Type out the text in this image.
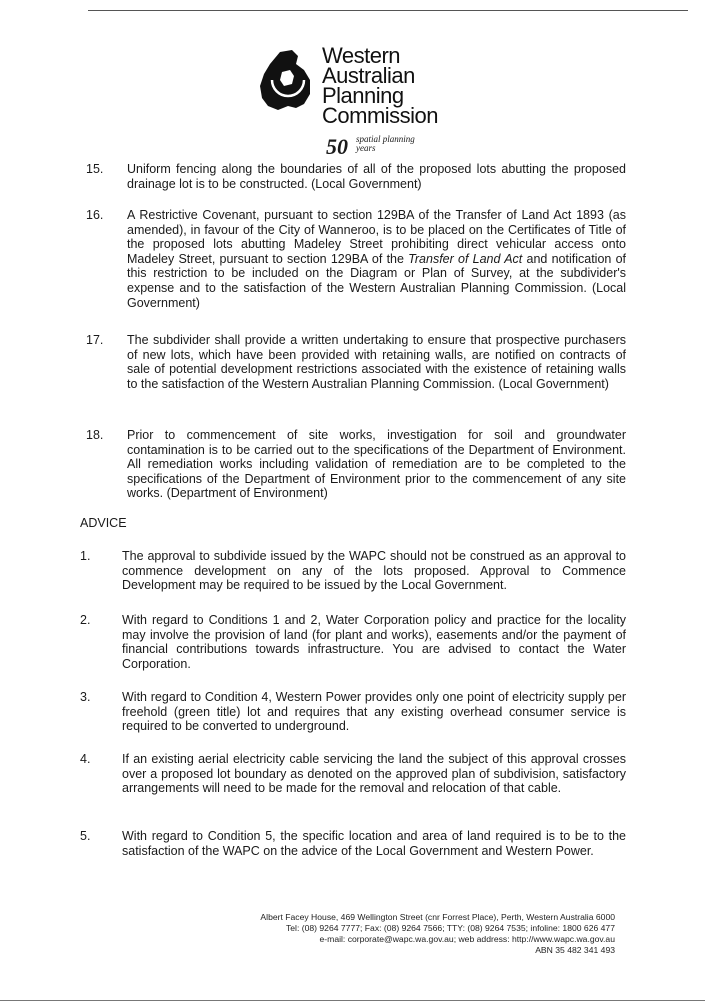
Western
Australian
Planning
Commission
50 spatial planning
years
15. Uniform fencing along the boundaries of all of the proposed lots abutting the proposed drainage lot is to be constructed. (Local Government)
16. A Restrictive Covenant, pursuant to section 129BA of the Transfer of Land Act 1893 (as amended), in favour of the City of Wanneroo, is to be placed on the Certificates of Title of the proposed lots abutting Madeley Street prohibiting direct vehicular access onto Madeley Street, pursuant to section 129BA of the Transfer of Land Act and notification of this restriction to be included on the Diagram or Plan of Survey, at the subdivider's expense and to the satisfaction of the Western Australian Planning Commission. (Local Government)
17. The subdivider shall provide a written undertaking to ensure that prospective purchasers of new lots, which have been provided with retaining walls, are notified on contracts of sale of potential development restrictions associated with the existence of retaining walls to the satisfaction of the Western Australian Planning Commission. (Local Government)
18. Prior to commencement of site works, investigation for soil and groundwater contamination is to be carried out to the specifications of the Department of Environment. All remediation works including validation of remediation are to be completed to the specifications of the Department of Environment prior to the commencement of any site works. (Department of Environment)
ADVICE
1.	The approval to subdivide issued by the WAPC should not be construed as an approval to commence development on any of the lots proposed. Approval to Commence Development may be required to be issued by the Local Government.
2.	With regard to Conditions 1 and 2, Water Corporation policy and practice for the locality may involve the provision of land (for plant and works), easements and/or the payment of financial contributions towards infrastructure. You are advised to contact the Water Corporation.
3.	With regard to Condition 4, Western Power provides only one point of electricity supply per freehold (green title) lot and requires that any existing overhead consumer service is required to be converted to underground.
4.	If an existing aerial electricity cable servicing the land the subject of this approval crosses over a proposed lot boundary as denoted on the approved plan of subdivision, satisfactory arrangements will need to be made for the removal and relocation of that cable.
5.	With regard to Condition 5, the specific location and area of land required is to be to the satisfaction of the WAPC on the advice of the Local Government and Western Power.
Albert Facey House, 469 Wellington Street (cnr Forrest Place), Perth, Western Australia 6000
Tel: (08) 9264 7777; Fax: (08) 9264 7566; TTY: (08) 9264 7535; infoline: 1800 626 477
e-mail: corporate@wapc.wa.gov.au; web address: http://www.wapc.wa.gov.au
ABN 35 482 341 493
